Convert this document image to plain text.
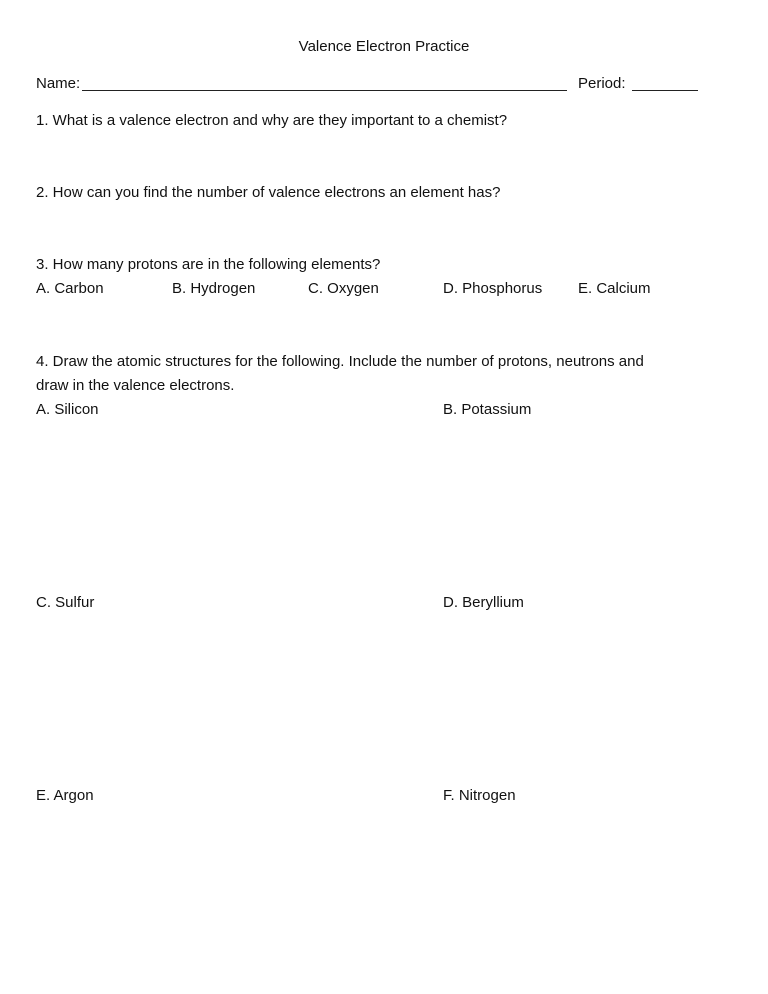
Valence Electron Practice
Name:	Period:
1. What is a valence electron and why are they important to a chemist?
2. How can you find the number of valence electrons an element has?
3. How many protons are in the following elements?
A. Carbon	B. Hydrogen	C. Oxygen	D. Phosphorus E. Calcium
4. Draw the atomic structures for the following. Include the number of protons, neutrons and
draw in the valence electrons.
A. Silicon	B. Potassium
C. Sulfur	D. Beryllium
E. Argon	F. Nitrogen
